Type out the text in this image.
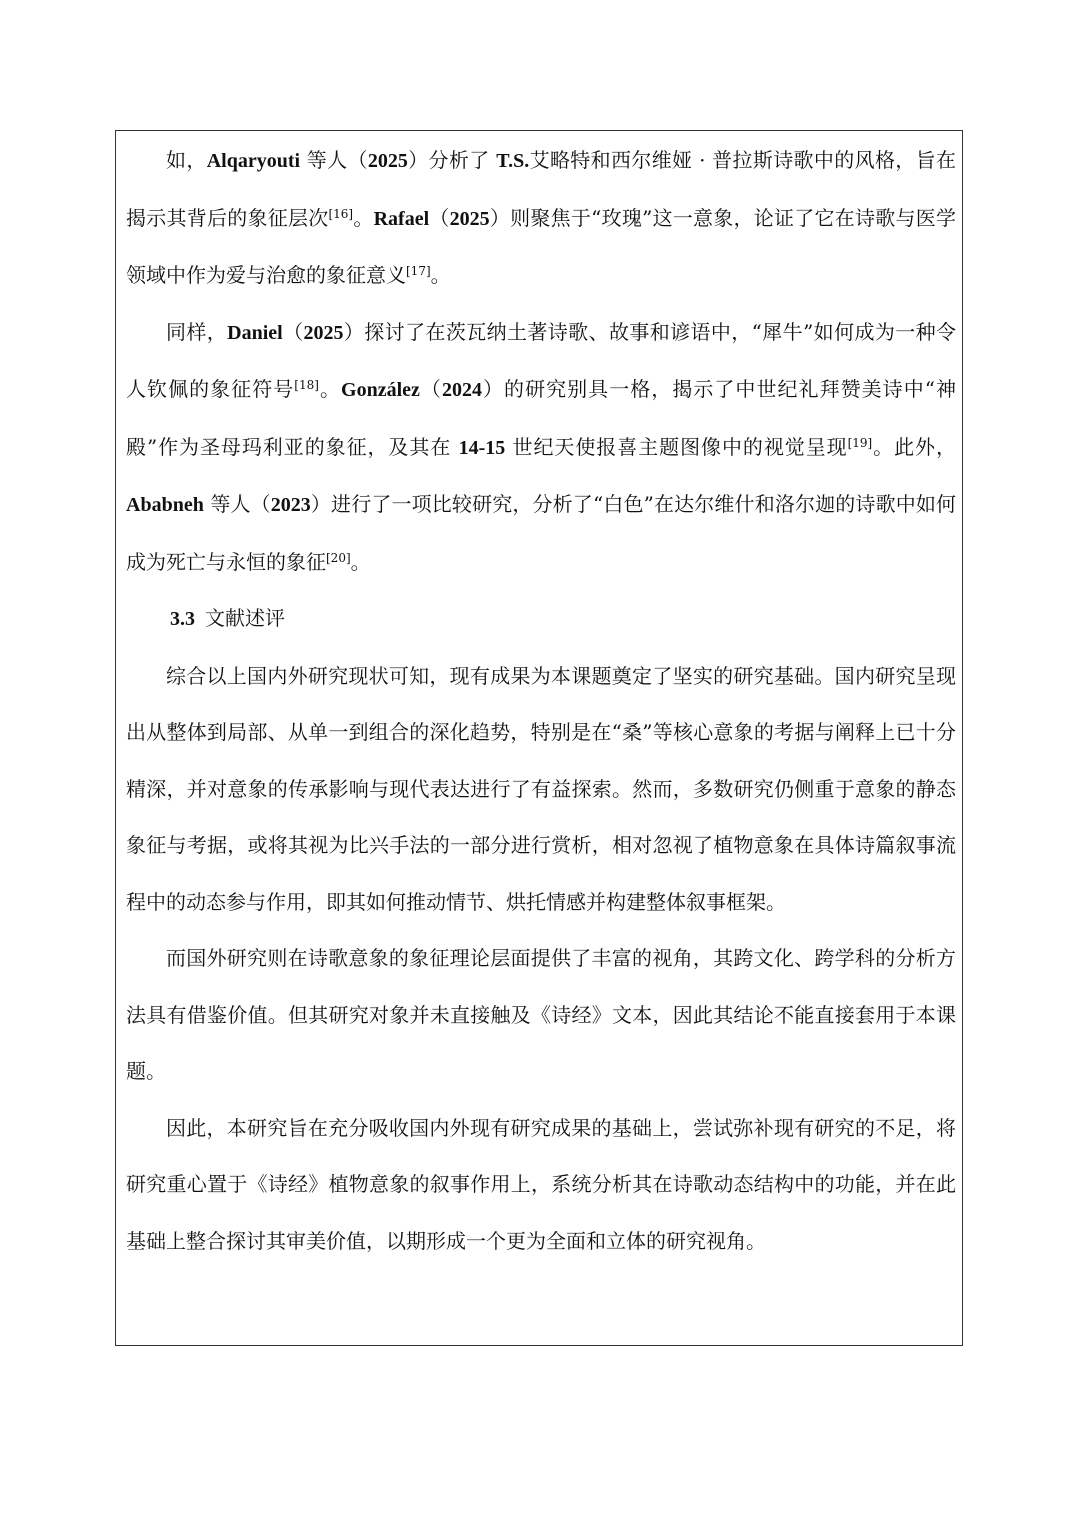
如，Alqaryouti 等人（2025）分析了 T.S.艾略特和西尔维娅 · 普拉斯诗歌中的风格，旨在揭示其背后的象征层次[16]。Rafael（2025）则聚焦于“玫瑰”这一意象，论证了它在诗歌与医学领域中作为爱与治愈的象征意义[17]。

同样，Daniel（2025）探讨了在茨瓦纳土著诗歌、故事和谚语中，“犀牛”如何成为一种令人钦佩的象征符号[18]。González（2024）的研究别具一格，揭示了中世纪礼拜赞美诗中“神殿”作为圣母玛利亚的象征，及其在 14-15 世纪天使报喜主题图像中的视觉呈现[19]。此外，Ababneh 等人（2023）进行了一项比较研究，分析了“白色”在达尔维什和洛尔迦的诗歌中如何成为死亡与永恒的象征[20]。

3.3 文献述评

综合以上国内外研究现状可知，现有成果为本课题奠定了坚实的研究基础。国内研究呈现出从整体到局部、从单一到组合的深化趋势，特别是在“桑”等核心意象的考据与阐释上已十分精深，并对意象的传承影响与现代表达进行了有益探索。然而，多数研究仍侧重于意象的静态象征与考据，或将其视为比兴手法的一部分进行赏析，相对忽视了植物意象在具体诗篇叙事流程中的动态参与作用，即其如何推动情节、烘托情感并构建整体叙事框架。

而国外研究则在诗歌意象的象征理论层面提供了丰富的视角，其跨文化、跨学科的分析方法具有借鉴价值。但其研究对象并未直接触及《诗经》文本，因此其结论不能直接套用于本课题。

因此，本研究旨在充分吸收国内外现有研究成果的基础上，尝试弥补现有研究的不足，将研究重心置于《诗经》植物意象的叙事作用上，系统分析其在诗歌动态结构中的功能，并在此基础上整合探讨其审美价值，以期形成一个更为全面和立体的研究视角。
